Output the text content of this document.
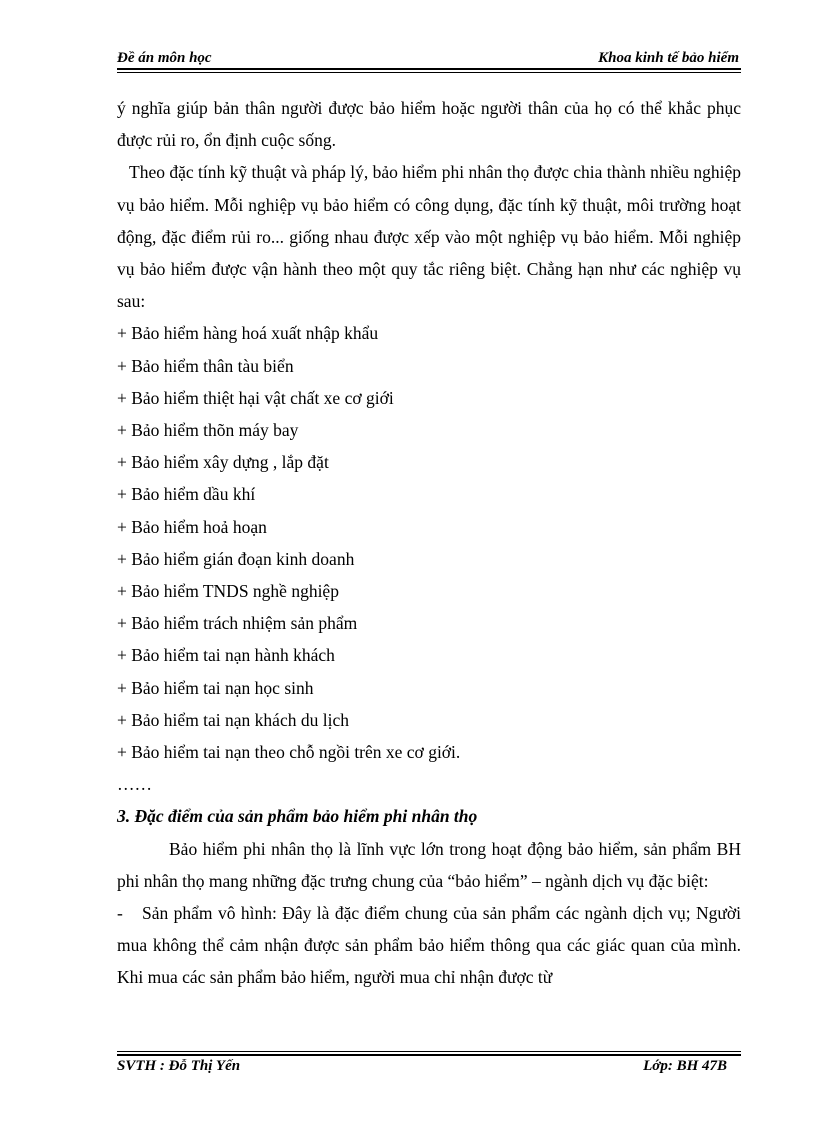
Đề án môn học	Khoa kinh tế bảo hiểm

ý nghĩa giúp bản thân người được bảo hiểm hoặc người thân của họ có thể khắc phục được rủi ro, ổn định cuộc sống.

Theo đặc tính kỹ thuật và pháp lý, bảo hiểm phi nhân thọ được chia thành nhiều nghiệp vụ bảo hiểm. Mỗi nghiệp vụ bảo hiểm có công dụng, đặc tính kỹ thuật, môi trường hoạt động, đặc điểm rủi ro... giống nhau được xếp vào một nghiệp vụ bảo hiểm. Mỗi nghiệp vụ bảo hiểm được vận hành theo một quy tắc riêng biệt. Chẳng hạn như các nghiệp vụ sau:

+ Bảo hiểm hàng hoá xuất nhập khẩu

+ Bảo hiểm thân tàu biển

+ Bảo hiểm thiệt hại vật chất xe cơ giới

+ Bảo hiểm thõn máy bay

+ Bảo hiểm xây dựng , lắp đặt

+ Bảo hiểm dầu khí

+ Bảo hiểm hoả hoạn

+ Bảo hiểm gián đoạn kinh doanh

+ Bảo hiểm TNDS nghề nghiệp

+ Bảo hiểm trách nhiệm sản phẩm

+ Bảo hiểm tai nạn hành khách

+ Bảo hiểm tai nạn học sinh

+ Bảo hiểm tai nạn khách du lịch

+ Bảo hiểm tai nạn theo chỗ ngồi trên xe cơ giới.

……

3. Đặc điểm của sản phẩm bảo hiểm phi nhân thọ

Bảo hiểm phi nhân thọ là lĩnh vực lớn trong hoạt động bảo hiểm, sản phẩm BH phi nhân thọ mang những đặc trưng chung của “bảo hiểm” – ngành dịch vụ đặc biệt:

- Sản phẩm vô hình: Đây là đặc điểm chung của sản phẩm các ngành dịch vụ; Người mua không thể cảm nhận được sản phẩm bảo hiểm thông qua các giác quan của mình. Khi mua các sản phẩm bảo hiểm, người mua chỉ nhận được từ

SVTH : Đỗ Thị Yến	Lớp: BH 47B
